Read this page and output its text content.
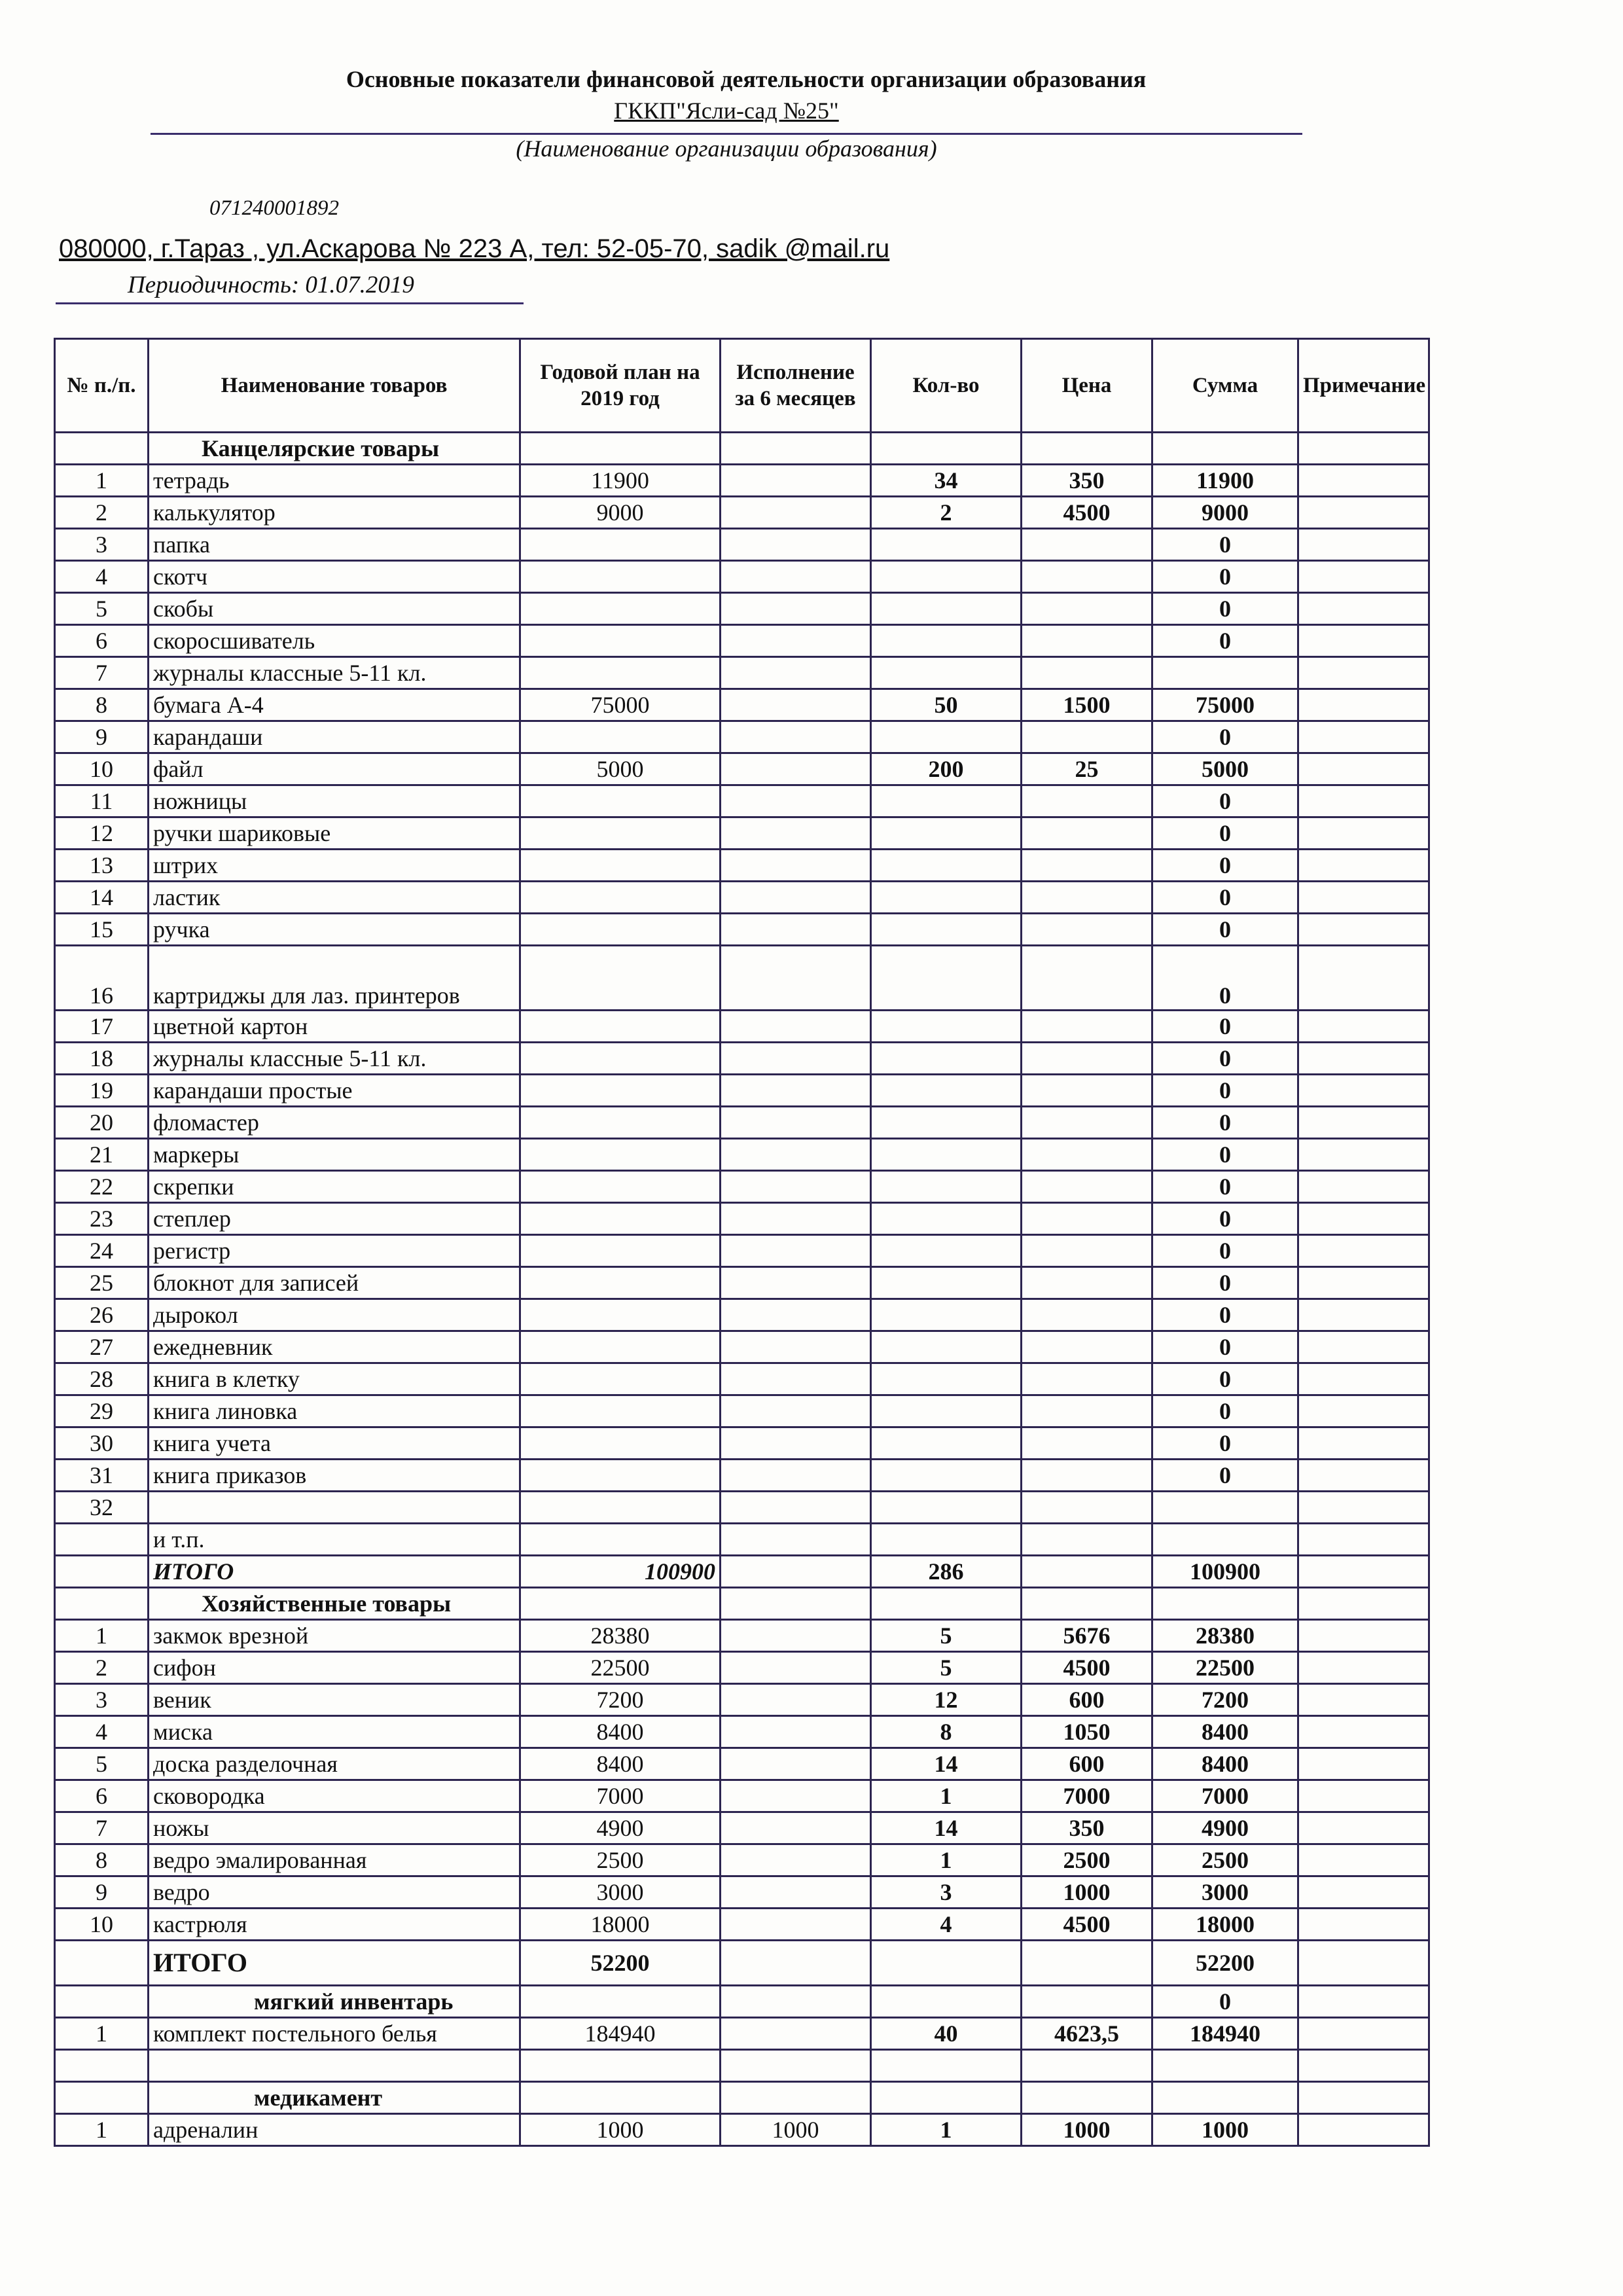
Основные показатели финансовой деятельности организации образования
ГККП"Ясли-сад №25"
(Наименование организации образования)
071240001892
080000, г.Тараз , ул.Аскарова № 223 А, тел: 52-05-70, sadik @mail.ru
Периодичность: 01.07.2019
№ п./п.	Наименование товаров	Годовой план на 2019 год	Исполнение за 6 месяцев	Кол-во	Цена	Сумма	Примечание
	Канцелярские товары						
1	тетрадь	11900		34	350	11900	
2	калькулятор	9000		2	4500	9000	
3	папка					0	
4	скотч					0	
5	скобы					0	
6	скоросшиватель					0	
7	журналы классные 5-11 кл.						
8	бумага А-4	75000		50	1500	75000	
9	карандаши					0	
10	файл	5000		200	25	5000	
11	ножницы					0	
12	ручки шариковые					0	
13	штрих					0	
14	ластик					0	
15	ручка					0	
16	картриджы для лаз. принтеров					0	
17	цветной картон					0	
18	журналы классные 5-11 кл.					0	
19	карандаши простые					0	
20	фломастер					0	
21	маркеры					0	
22	скрепки					0	
23	степлер					0	
24	регистр					0	
25	блокнот для записей					0	
26	дырокол					0	
27	ежедневник					0	
28	книга в клетку					0	
29	книга линовка					0	
30	книга учета					0	
31	книга приказов					0	
32							
	и т.п.						
	ИТОГО	100900		286		100900	
	Хозяйственные товары						
1	закмок врезной	28380		5	5676	28380	
2	сифон	22500		5	4500	22500	
3	веник	7200		12	600	7200	
4	миска	8400		8	1050	8400	
5	доска разделочная	8400		14	600	8400	
6	сковородка	7000		1	7000	7000	
7	ножы	4900		14	350	4900	
8	ведро эмалированная	2500		1	2500	2500	
9	ведро	3000		3	1000	3000	
10	кастрюля	18000		4	4500	18000	
	ИТОГО	52200				52200	
	мягкий инвентарь					0	
1	комплект постельного белья	184940		40	4623,5	184940	

	медикамент						
1	адреналин	1000	1000	1	1000	1000	
